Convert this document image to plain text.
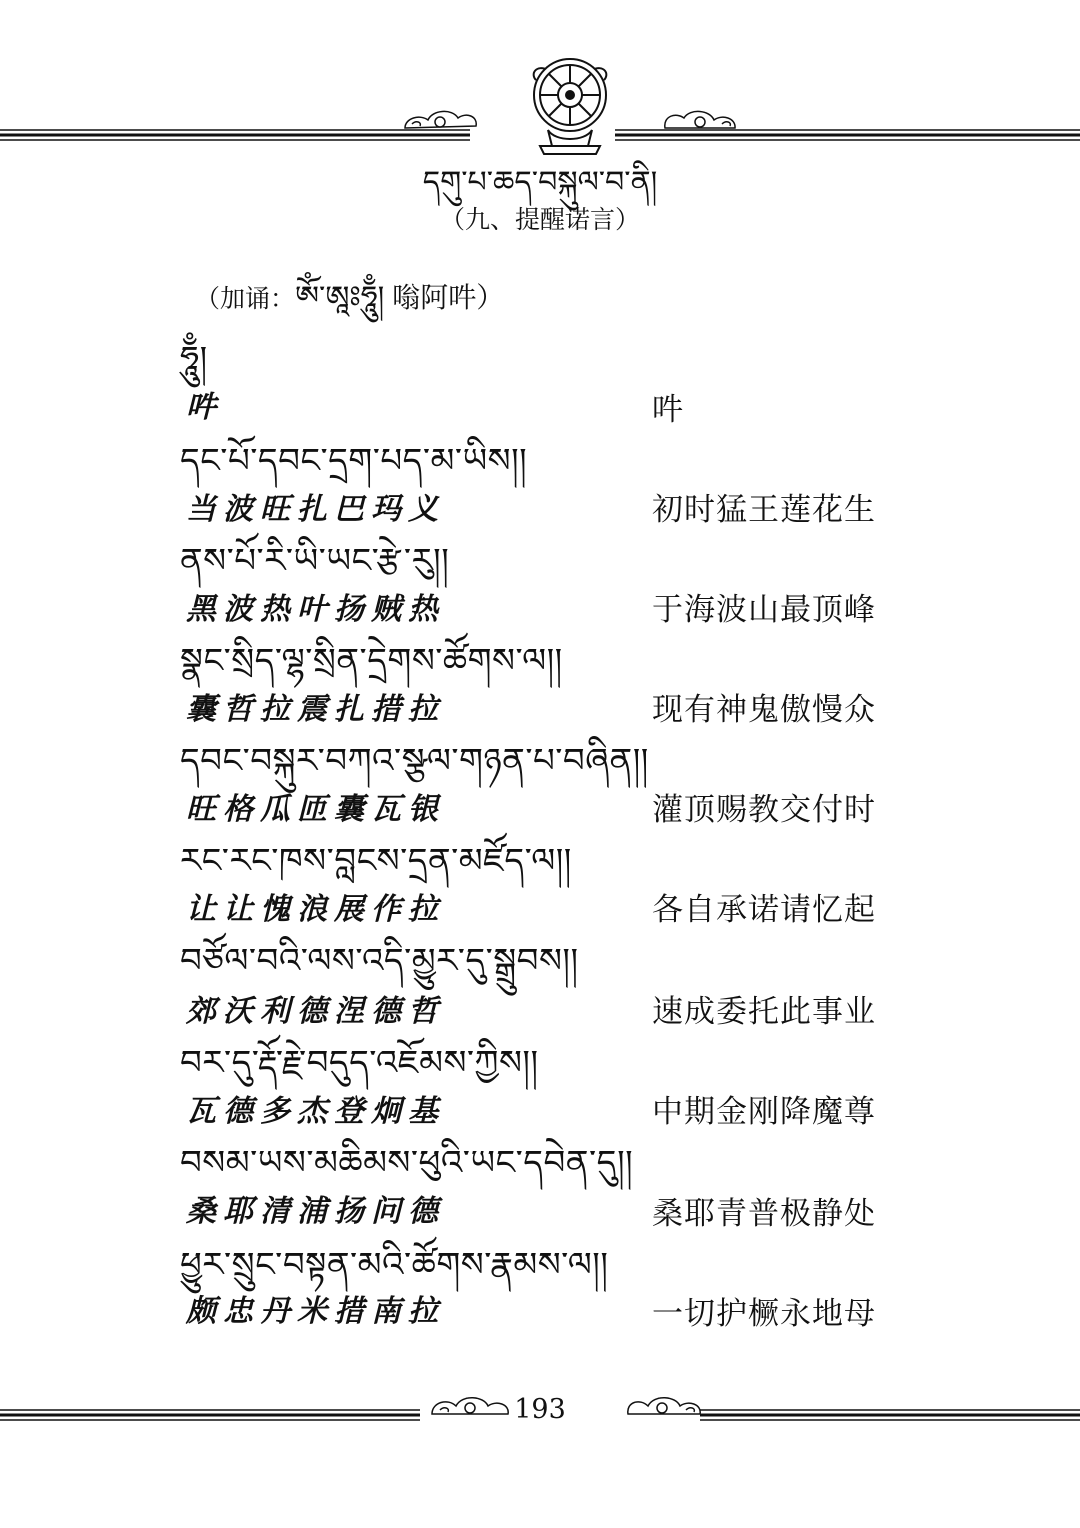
དགུ་པ་ཆད་བསྐུལ་བ་ནི།
（九、提醒诺言）
（加诵：ཨོཾ་ཨཱཿཧཱུྃ། 嗡阿吽）
ཧཱུྃ།
吽	吽
དང་པོ་དབང་དྲག་པད་མ་ཡིས།།
当波旺扎巴玛义	初时猛王莲花生
ནས་པོ་རི་ཡི་ཡང་རྩེ་རུ།།
黑波热叶扬贼热	于海波山最顶峰
སྣང་སྲིད་ལྷ་སྲིན་དྲེགས་ཚོགས་ལ།།
囊哲拉震扎措拉	现有神鬼傲慢众
དབང་བསྐུར་བཀའ་སྩལ་གཉན་པ་བཞིན།།
旺格瓜匝囊瓦银	灌顶赐教交付时
རང་རང་ཁས་བླངས་དྲན་མཛོད་ལ།།
让让愧浪展作拉	各自承诺请忆起
བཙོལ་བའི་ལས་འདི་མྱུར་དུ་སྒྲུབས།།
郊沃利德涅德哲	速成委托此事业
བར་དུ་རྡོ་རྗེ་བདུད་འཇོམས་ཀྱིས།།
瓦德多杰登炯基	中期金刚降魔尊
བསམ་ཡས་མཆིམས་ཕུའི་ཡང་དབེན་དུ།།
桑耶清浦扬问德	桑耶青普极静处
ཕྱུར་སྲུང་བསྟན་མའི་ཚོགས་རྣམས་ལ།།
颇忠丹米措南拉	一切护橛永地母
193
